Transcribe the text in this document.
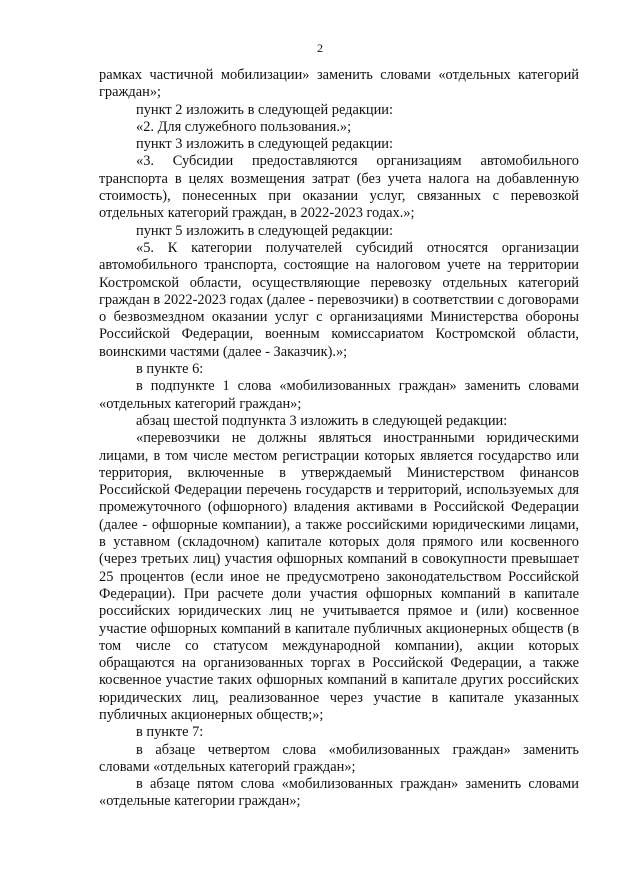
2

рамках частичной мобилизации» заменить словами «отдельных категорий граждан»;

пункт 2 изложить в следующей редакции:

«2. Для служебного пользования.»;

пункт 3 изложить в следующей редакции:

«3. Субсидии предоставляются организациям автомобильного транспорта в целях возмещения затрат (без учета налога на добавленную стоимость), понесенных при оказании услуг, связанных с перевозкой отдельных категорий граждан, в 2022-2023 годах.»;

пункт 5 изложить в следующей редакции:

«5. К категории получателей субсидий относятся организации автомобильного транспорта, состоящие на налоговом учете на территории Костромской области, осуществляющие перевозку отдельных категорий граждан в 2022-2023 годах (далее - перевозчики) в соответствии с договорами о безвозмездном оказании услуг с организациями Министерства обороны Российской Федерации, военным комиссариатом Костромской области, воинскими частями (далее - Заказчик).»;

в пункте 6:

в подпункте 1 слова «мобилизованных граждан» заменить словами «отдельных категорий граждан»;

абзац шестой подпункта 3 изложить в следующей редакции:

«перевозчики не должны являться иностранными юридическими лицами, в том числе местом регистрации которых является государство или территория, включенные в утверждаемый Министерством финансов Российской Федерации перечень государств и территорий, используемых для промежуточного (офшорного) владения активами в Российской Федерации (далее - офшорные компании), а также российскими юридическими лицами, в уставном (складочном) капитале которых доля прямого или косвенного (через третьих лиц) участия офшорных компаний в совокупности превышает 25 процентов (если иное не предусмотрено законодательством Российской Федерации). При расчете доли участия офшорных компаний в капитале российских юридических лиц не учитывается прямое и (или) косвенное участие офшорных компаний в капитале публичных акционерных обществ (в том числе со статусом международной компании), акции которых обращаются на организованных торгах в Российской Федерации, а также косвенное участие таких офшорных компаний в капитале других российских юридических лиц, реализованное через участие в капитале указанных публичных акционерных обществ;»;

в пункте 7:

в абзаце четвертом слова «мобилизованных граждан» заменить словами «отдельных категорий граждан»;

в абзаце пятом слова «мобилизованных граждан» заменить словами «отдельные категории граждан»;
